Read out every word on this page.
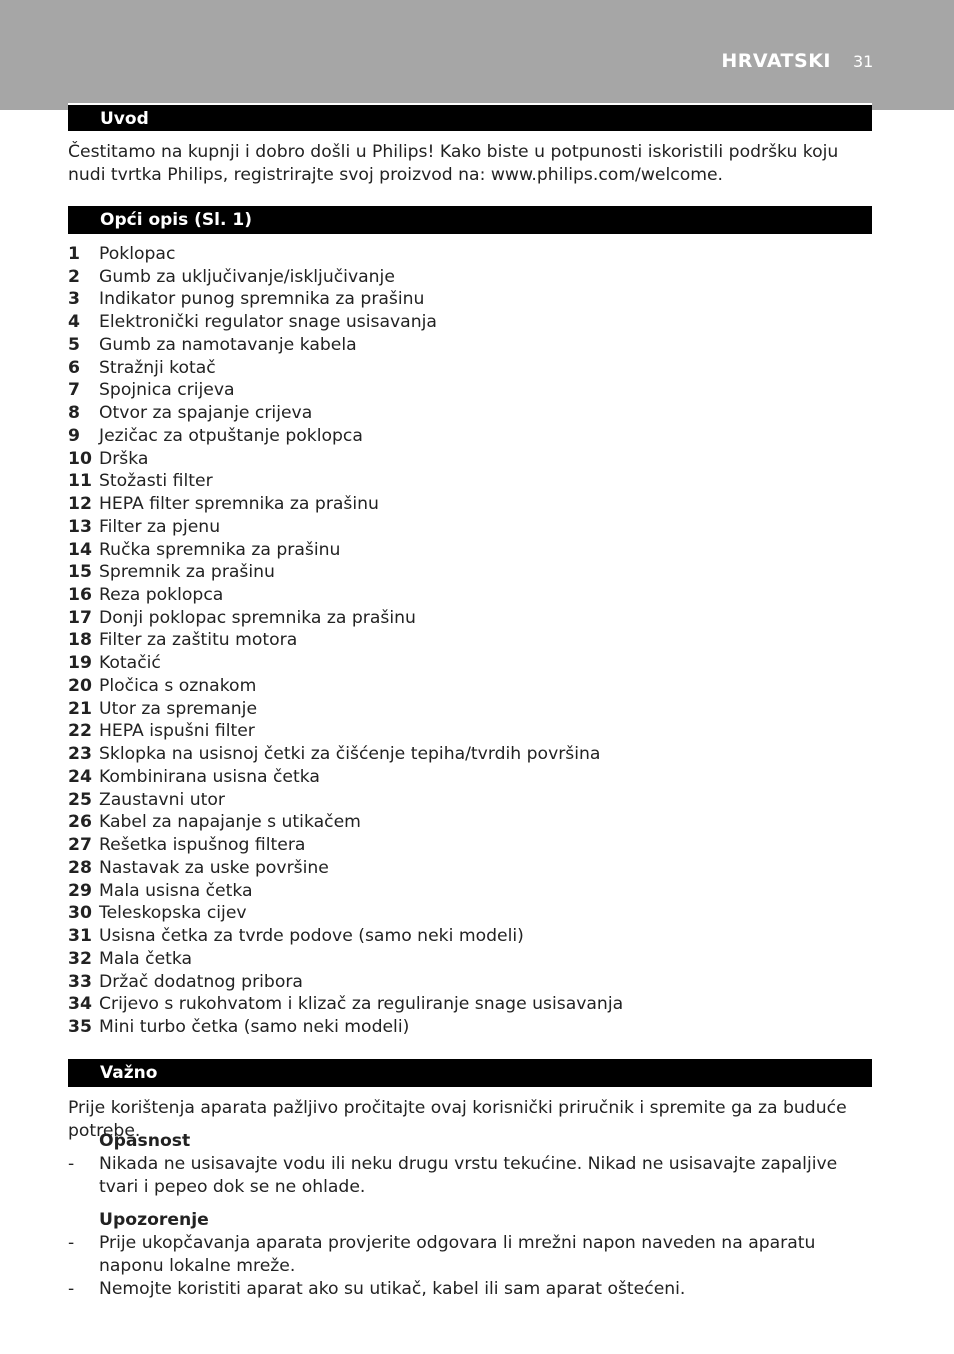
HRVATSKI 31
Uvod

Čestitamo na kupnji i dobro došli u Philips! Kako biste u potpunosti iskoristili podršku koju nudi tvrtka Philips, registrirajte svoj proizvod na: www.philips.com/welcome.

Opći opis (Sl. 1)
1 Poklopac
2 Gumb za uključivanje/isključivanje
3 Indikator punog spremnika za prašinu
4 Elektronički regulator snage usisavanja
5 Gumb za namotavanje kabela
6 Stražnji kotač
7 Spojnica crijeva
8 Otvor za spajanje crijeva
9 Jezičac za otpuštanje poklopca
10 Drška
11 Stožasti filter
12 HEPA filter spremnika za prašinu
13 Filter za pjenu
14 Ručka spremnika za prašinu
15 Spremnik za prašinu
16 Reza poklopca
17 Donji poklopac spremnika za prašinu
18 Filter za zaštitu motora
19 Kotačić
20 Pločica s oznakom
21 Utor za spremanje
22 HEPA ispušni filter
23 Sklopka na usisnoj četki za čišćenje tepiha/tvrdih površina
24 Kombinirana usisna četka
25 Zaustavni utor
26 Kabel za napajanje s utikačem
27 Rešetka ispušnog filtera
28 Nastavak za uske površine
29 Mala usisna četka
30 Teleskopska cijev
31 Usisna četka za tvrde podove (samo neki modeli)
32 Mala četka
33 Držač dodatnog pribora
34 Crijevo s rukohvatom i klizač za reguliranje snage usisavanja
35 Mini turbo četka (samo neki modeli)
Važno

Prije korištenja aparata pažljivo pročitajte ovaj korisnički priručnik i spremite ga za buduće potrebe.

Opasnost
- Nikada ne usisavajte vodu ili neku drugu vrstu tekućine. Nikad ne usisavajte zapaljive tvari i pepeo dok se ne ohlade.
Upozorenje
- Prije ukopčavanja aparata provjerite odgovara li mrežni napon naveden na aparatu naponu lokalne mreže.
- Nemojte koristiti aparat ako su utikač, kabel ili sam aparat oštećeni.
